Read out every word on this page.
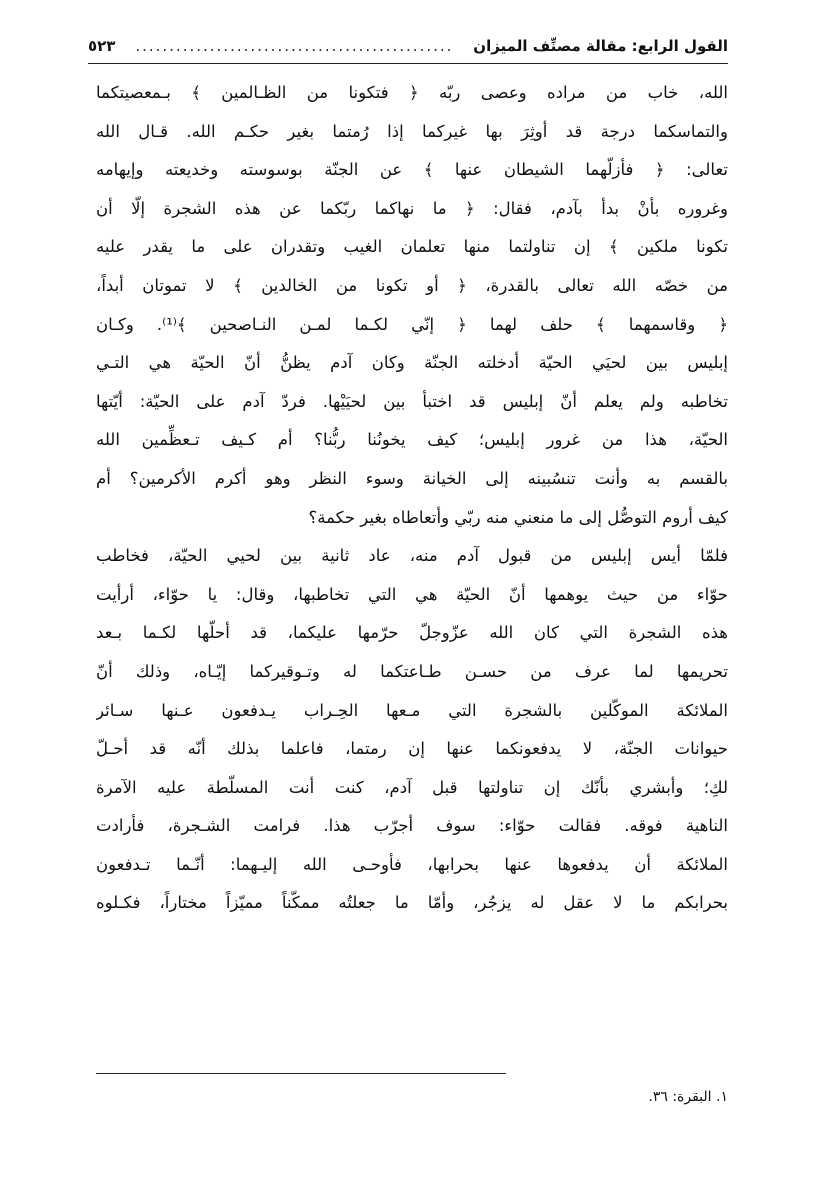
القول الرابع: مقالة مصنِّف الميزان
...............................................
٥٢٣
الله، خاب من مراده وعصى ربّه ﴿ فتكونا من الظـالمين ﴾ بـمعصيتكما
والتماسكما درجة قد أوثِرَ بها غيركما إذا رُمتما بغير حكـم الله. قـال الله
تعالى: ﴿ فأزلّهما الشيطان عنها ﴾ عن الجنّة بوسوسته وخديعته وإيهامه
وغروره بأنْ بدأ بآدم، فقال: ﴿ ما نهاكما ربّكما عن هذه الشجرة إلّا أن
تكونا ملكين ﴾ إن تناولتما منها تعلمان الغيب وتقدران على ما يقدر عليه
من خصّه الله تعالى بالقدرة، ﴿ أو تكونا من الخالدين ﴾ لا تموتان أبداً،
﴿ وقاسمهما ﴾ حلف لهما ﴿ إنّي لكـما لمـن النـاصحين ﴾⁽¹⁾. وكـان
إبليس بين لحيَي الحيّة أدخلته الجنّة وكان آدم يظنُّ أنّ الحيّة هي التـي
تخاطبه ولم يعلم أنّ إبليس قد اختبأ بين لحيَيْها. فردّ آدم على الحيّة: أيّتها
الحيّة، هذا من غرور إبليس؛ كيف يخونُنا ربُّنا؟ أم كـيف تـعظِّمين الله
بالقسم به وأنت تنسُبينه إلى الخيانة وسوء النظر وهو أكرم الأكرمين؟ أم
كيف أروم التوصُّل إلى ما منعني منه ربّي وأتعاطاه بغير حكمة؟
فلمّا أيس إبليس من قبول آدم منه، عاد ثانية بين لحيي الحيّة، فخاطب
حوّاء من حيث يوهمها أنّ الحيّة هي التي تخاطبها، وقال: يا حوّاء، أرأيت
هذه الشجرة التي كان الله عزّوجلّ حرّمها عليكما، قد أحلّها لكـما بـعد
تحريمها لما عرف من حسـن طـاعتكما له وتـوقيركما إيّـاه، وذلك أنّ
الملائكة الموكّلين بالشجرة التي مـعها الحِـراب يـدفعون عـنها سـائر
حيوانات الجنّة، لا يدفعونكما عنها إن رمتما، فاعلما بذلك أنّه قد أحـلّ
لكِ؛ وأبشري بأنّك إن تناولتها قبل آدم، كنت أنت المسلّطة عليه الآمرة
الناهية فوقه. فقالت حوّاء: سوف أجرّب هذا. فرامت الشـجرة، فأرادت
الملائكة أن يدفعوها عنها بحرابها، فأوحـى الله إليـهما: أنّـما تـدفعون
بحرابكم ما لا عقل له يزجُر، وأمّا ما جعلتُه ممكّناً مميّزاً مختاراً، فكـلوه
١. البقرة: ٣٦.
